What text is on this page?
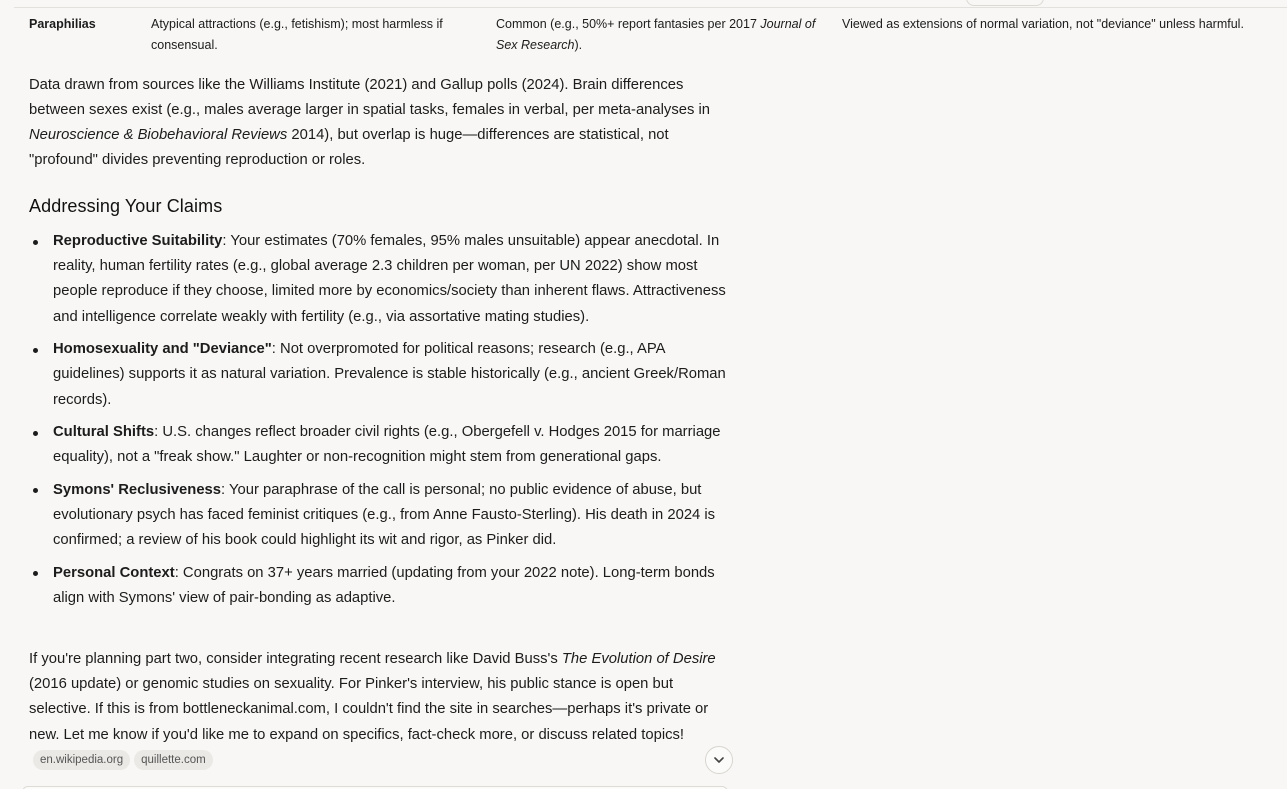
Paraphilias	Atypical attractions (e.g., fetishism); most harmless if consensual.
Common (e.g., 50%+ report fantasies per 2017 Journal of Sex Research).
Viewed as extensions of normal variation, not "deviance" unless harmful.

Data drawn from sources like the Williams Institute (2021) and Gallup polls (2024). Brain differences between sexes exist (e.g., males average larger in spatial tasks, females in verbal, per meta-analyses in Neuroscience & Biobehavioral Reviews 2014), but overlap is huge—differences are statistical, not "profound" divides preventing reproduction or roles.

Addressing Your Claims
Reproductive Suitability: Your estimates (70% females, 95% males unsuitable) appear anecdotal. In reality, human fertility rates (e.g., global average 2.3 children per woman, per UN 2022) show most people reproduce if they choose, limited more by economics/society than inherent flaws. Attractiveness and intelligence correlate weakly with fertility (e.g., via assortative mating studies).
Homosexuality and "Deviance": Not overpromoted for political reasons; research (e.g., APA guidelines) supports it as natural variation. Prevalence is stable historically (e.g., ancient Greek/Roman records).
Cultural Shifts: U.S. changes reflect broader civil rights (e.g., Obergefell v. Hodges 2015 for marriage equality), not a "freak show." Laughter or non-recognition might stem from generational gaps.
Symons' Reclusiveness: Your paraphrase of the call is personal; no public evidence of abuse, but evolutionary psych has faced feminist critiques (e.g., from Anne Fausto-Sterling). His death in 2024 is confirmed; a review of his book could highlight its wit and rigor, as Pinker did.
Personal Context: Congrats on 37+ years married (updating from your 2022 note). Long-term bonds align with Symons' view of pair-bonding as adaptive.

If you're planning part two, consider integrating recent research like David Buss's The Evolution of Desire (2016 update) or genomic studies on sexuality. For Pinker's interview, his public stance is open but selective. If this is from bottleneckanimal.com, I couldn't find the site in searches—perhaps it's private or new. Let me know if you'd like me to expand on specifics, fact-check more, or discuss related topics!en.wikipedia.org quillette.com
